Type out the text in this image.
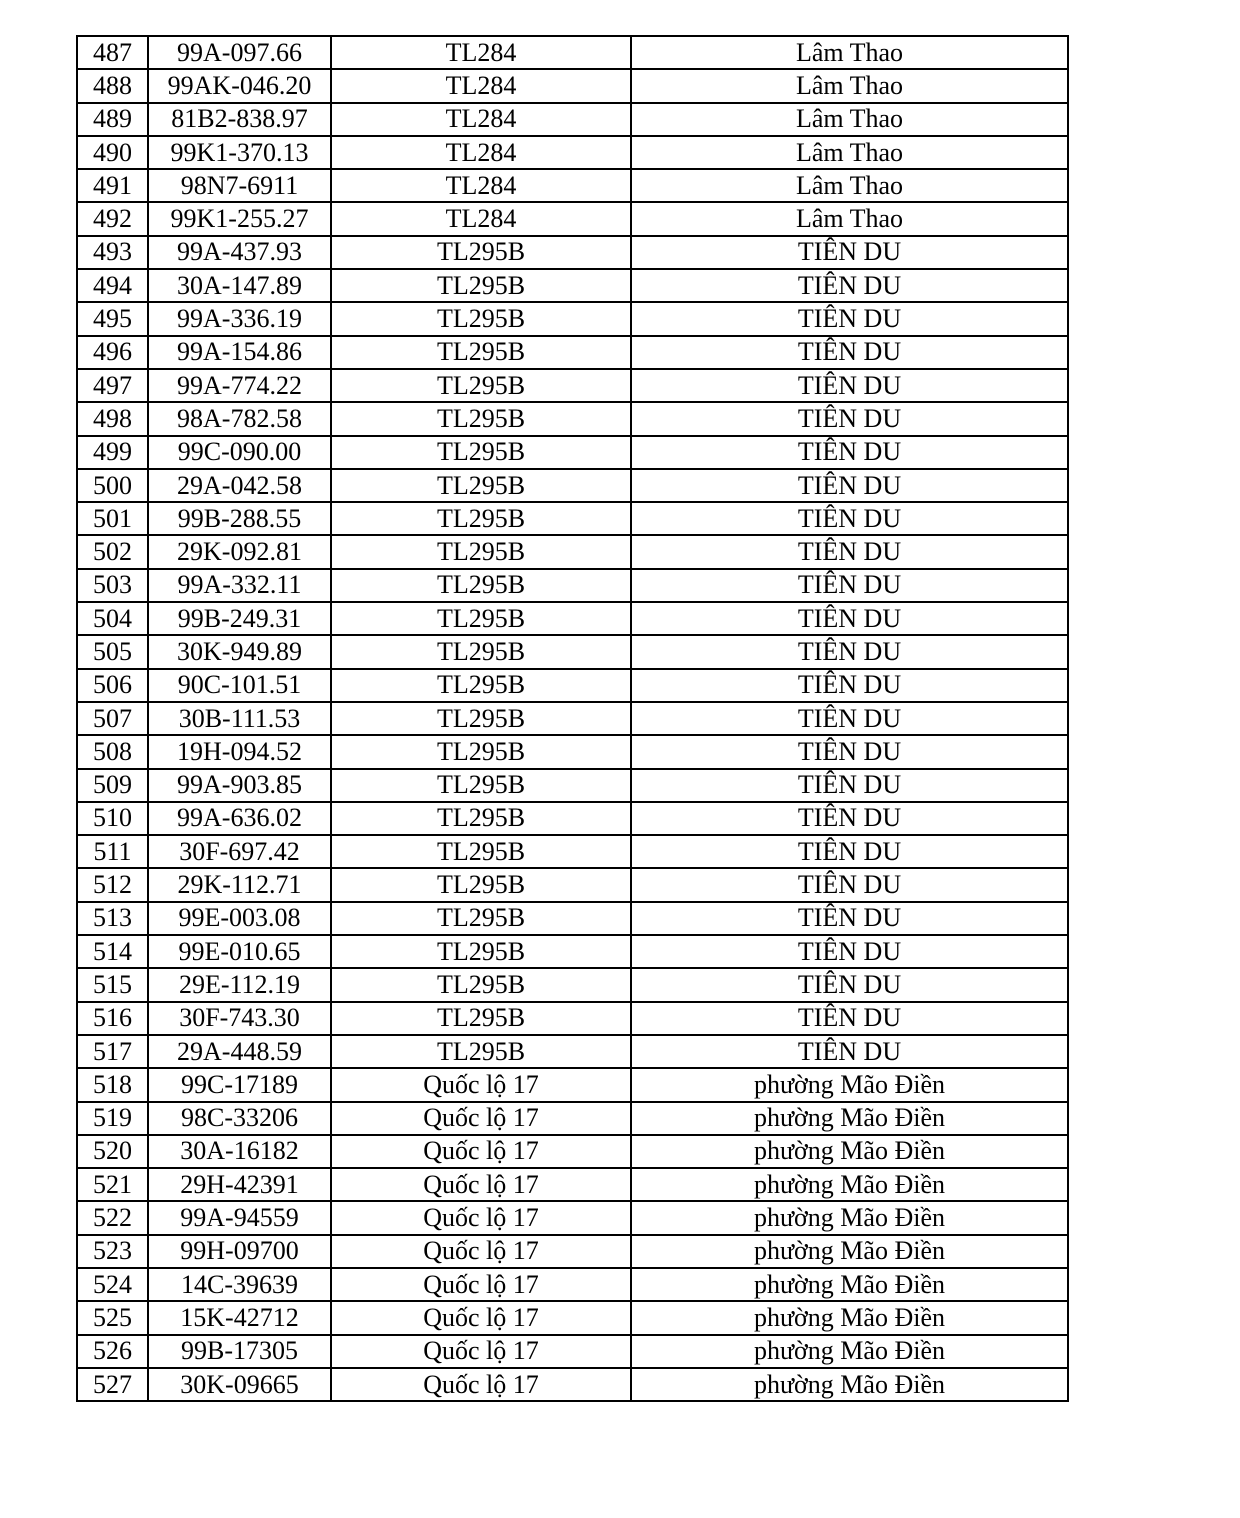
487	99A-097.66	TL284	Lâm Thao
488	99AK-046.20	TL284	Lâm Thao
489	81B2-838.97	TL284	Lâm Thao
490	99K1-370.13	TL284	Lâm Thao
491	98N7-6911	TL284	Lâm Thao
492	99K1-255.27	TL284	Lâm Thao
493	99A-437.93	TL295B	TIÊN DU
494	30A-147.89	TL295B	TIÊN DU
495	99A-336.19	TL295B	TIÊN DU
496	99A-154.86	TL295B	TIÊN DU
497	99A-774.22	TL295B	TIÊN DU
498	98A-782.58	TL295B	TIÊN DU
499	99C-090.00	TL295B	TIÊN DU
500	29A-042.58	TL295B	TIÊN DU
501	99B-288.55	TL295B	TIÊN DU
502	29K-092.81	TL295B	TIÊN DU
503	99A-332.11	TL295B	TIÊN DU
504	99B-249.31	TL295B	TIÊN DU
505	30K-949.89	TL295B	TIÊN DU
506	90C-101.51	TL295B	TIÊN DU
507	30B-111.53	TL295B	TIÊN DU
508	19H-094.52	TL295B	TIÊN DU
509	99A-903.85	TL295B	TIÊN DU
510	99A-636.02	TL295B	TIÊN DU
511	30F-697.42	TL295B	TIÊN DU
512	29K-112.71	TL295B	TIÊN DU
513	99E-003.08	TL295B	TIÊN DU
514	99E-010.65	TL295B	TIÊN DU
515	29E-112.19	TL295B	TIÊN DU
516	30F-743.30	TL295B	TIÊN DU
517	29A-448.59	TL295B	TIÊN DU
518	99C-17189	Quốc lộ 17	phường Mão Điền
519	98C-33206	Quốc lộ 17	phường Mão Điền
520	30A-16182	Quốc lộ 17	phường Mão Điền
521	29H-42391	Quốc lộ 17	phường Mão Điền
522	99A-94559	Quốc lộ 17	phường Mão Điền
523	99H-09700	Quốc lộ 17	phường Mão Điền
524	14C-39639	Quốc lộ 17	phường Mão Điền
525	15K-42712	Quốc lộ 17	phường Mão Điền
526	99B-17305	Quốc lộ 17	phường Mão Điền
527	30K-09665	Quốc lộ 17	phường Mão Điền
